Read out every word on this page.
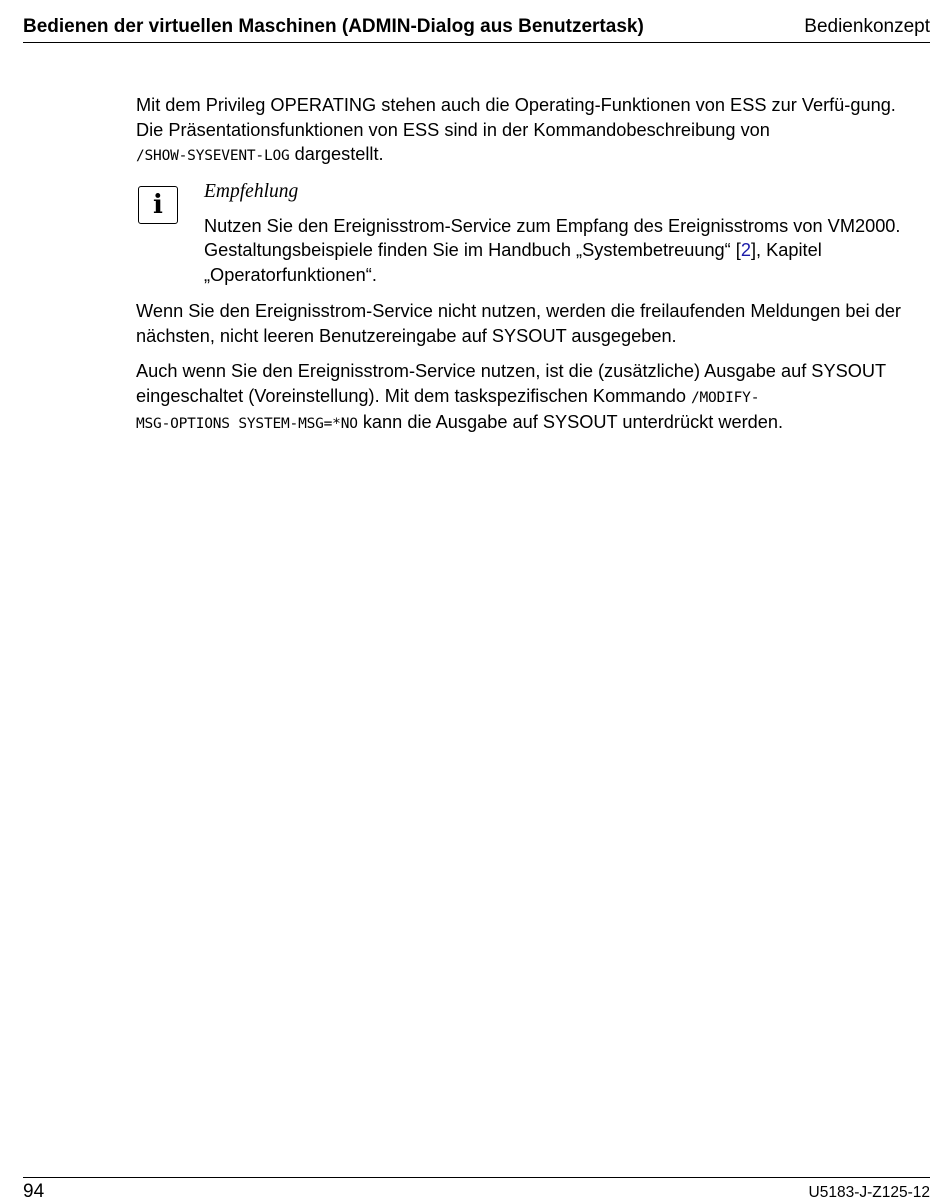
Bedienen der virtuellen Maschinen (ADMIN-Dialog aus Benutzertask)	Bedienkonzept

Mit dem Privileg OPERATING stehen auch die Operating-Funktionen von ESS zur Verfü-gung. Die Präsentationsfunktionen von ESS sind in der Kommandobeschreibung von
/SHOW-SYSEVENT-LOG dargestellt.

i	Empfehlung

Nutzen Sie den Ereignisstrom-Service zum Empfang des Ereignisstroms von VM2000. Gestaltungsbeispiele finden Sie im Handbuch „Systembetreuung“ [2], Kapitel „Operatorfunktionen“.

Wenn Sie den Ereignisstrom-Service nicht nutzen, werden die freilaufenden Meldungen bei der nächsten, nicht leeren Benutzereingabe auf SYSOUT ausgegeben.

Auch wenn Sie den Ereignisstrom-Service nutzen, ist die (zusätzliche) Ausgabe auf SYSOUT eingeschaltet (Voreinstellung). Mit dem taskspezifischen Kommando /MODIFY-
MSG-OPTIONS SYSTEM-MSG=*NO kann die Ausgabe auf SYSOUT unterdrückt werden.

94	U5183-J-Z125-12
